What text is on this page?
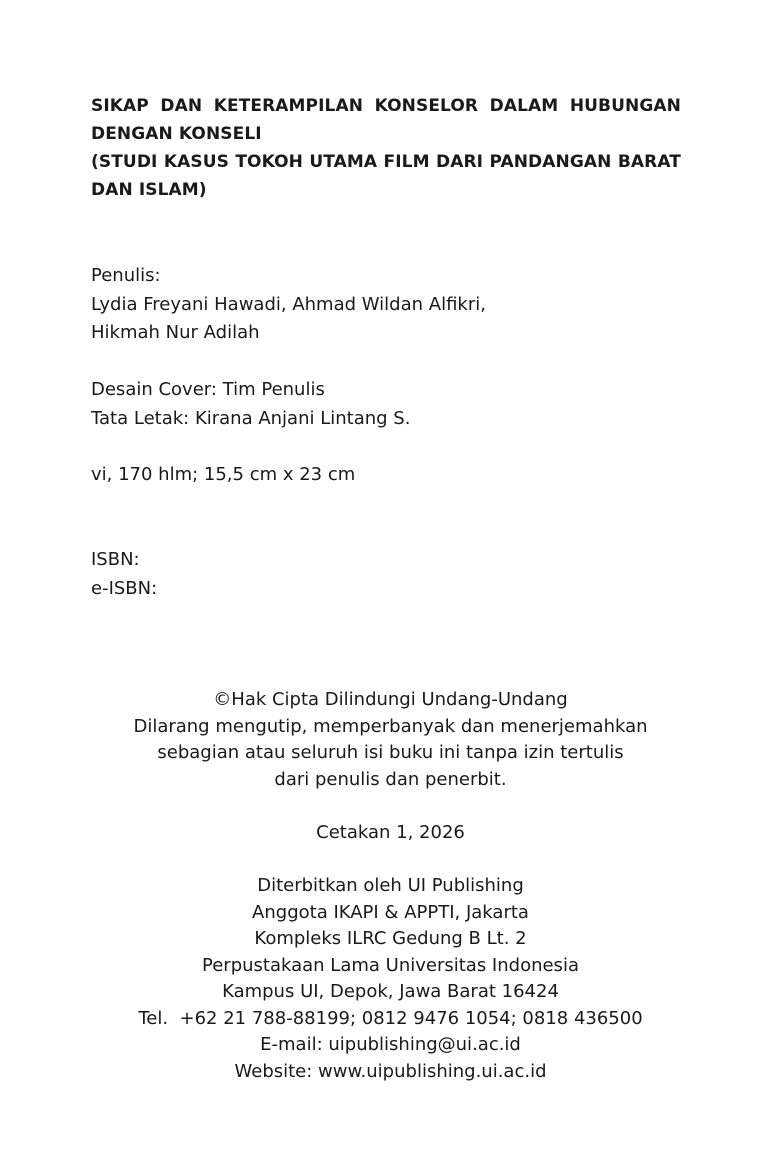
SIKAP DAN KETERAMPILAN KONSELOR DALAM HUBUNGAN
DENGAN KONSELI
(STUDI KASUS TOKOH UTAMA FILM DARI PANDANGAN BARAT
DAN ISLAM)
Penulis:
Lydia Freyani Hawadi, Ahmad Wildan Alfikri,
Hikmah Nur Adilah
Desain Cover: Tim Penulis
Tata Letak: Kirana Anjani Lintang S.
vi, 170 hlm; 15,5 cm x 23 cm
ISBN:
e-ISBN:
©Hak Cipta Dilindungi Undang-Undang
Dilarang mengutip, memperbanyak dan menerjemahkan
sebagian atau seluruh isi buku ini tanpa izin tertulis
dari penulis dan penerbit.
Cetakan 1, 2026
Diterbitkan oleh UI Publishing
Anggota IKAPI & APPTI, Jakarta
Kompleks ILRC Gedung B Lt. 2
Perpustakaan Lama Universitas Indonesia
Kampus UI, Depok, Jawa Barat 16424
Tel.  +62 21 788-88199; 0812 9476 1054; 0818 436500
E-mail: uipublishing@ui.ac.id
Website: www.uipublishing.ui.ac.id
